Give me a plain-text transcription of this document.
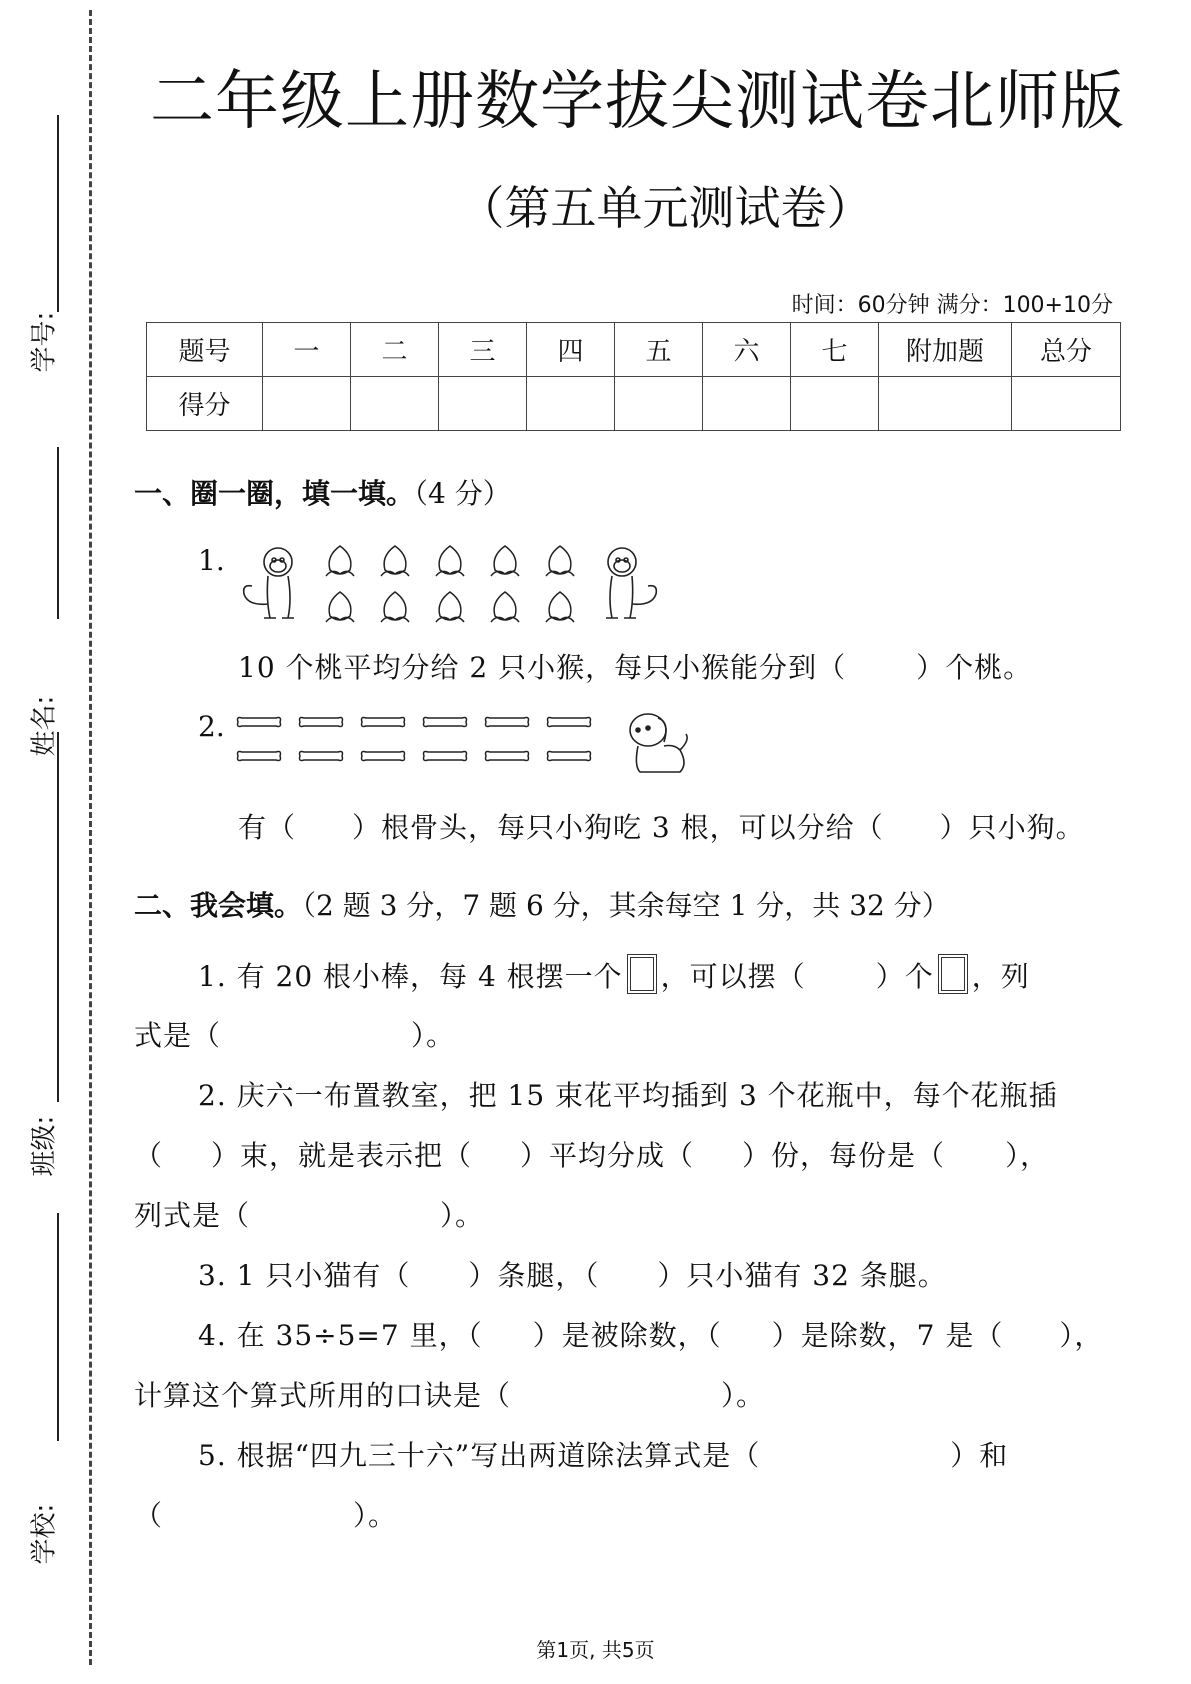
学号:
姓名:
班级:
学校:
二年级上册数学拔尖测试卷北师版
（第五单元测试卷）
时间：60分钟 满分：100+10分
题号	一	二	三	四	五	六	七	附加题	总分
得分									
一、圈一圈，填一填。（4 分）
1.
10 个桃平均分给 2 只小猴，每只小猴能分到（	）个桃。
2.
有（ ）根骨头，每只小狗吃 3 根，可以分给（ ）只小狗。
二、我会填。（2 题 3 分，7 题 6 分，其余每空 1 分，共 32 分）
1. 有 20 根小棒，每 4 根摆一个 ，可以摆（	）个 ，列
式是（	）。
2. 庆六一布置教室，把 15 束花平均插到 3 个花瓶中，每个花瓶插
（ ）束，就是表示把（ ）平均分成（ ）份，每份是（ ），
列式是（	）。
3. 1 只小猫有（ ）条腿，（ ）只小猫有 32 条腿。
4. 在 35÷5=7 里，（ ）是被除数，（ ）是除数，7 是（ ），
计算这个算式所用的口诀是（	）。
5. 根据“四九三十六”写出两道除法算式是（	）和
（	）。
第1页, 共5页
